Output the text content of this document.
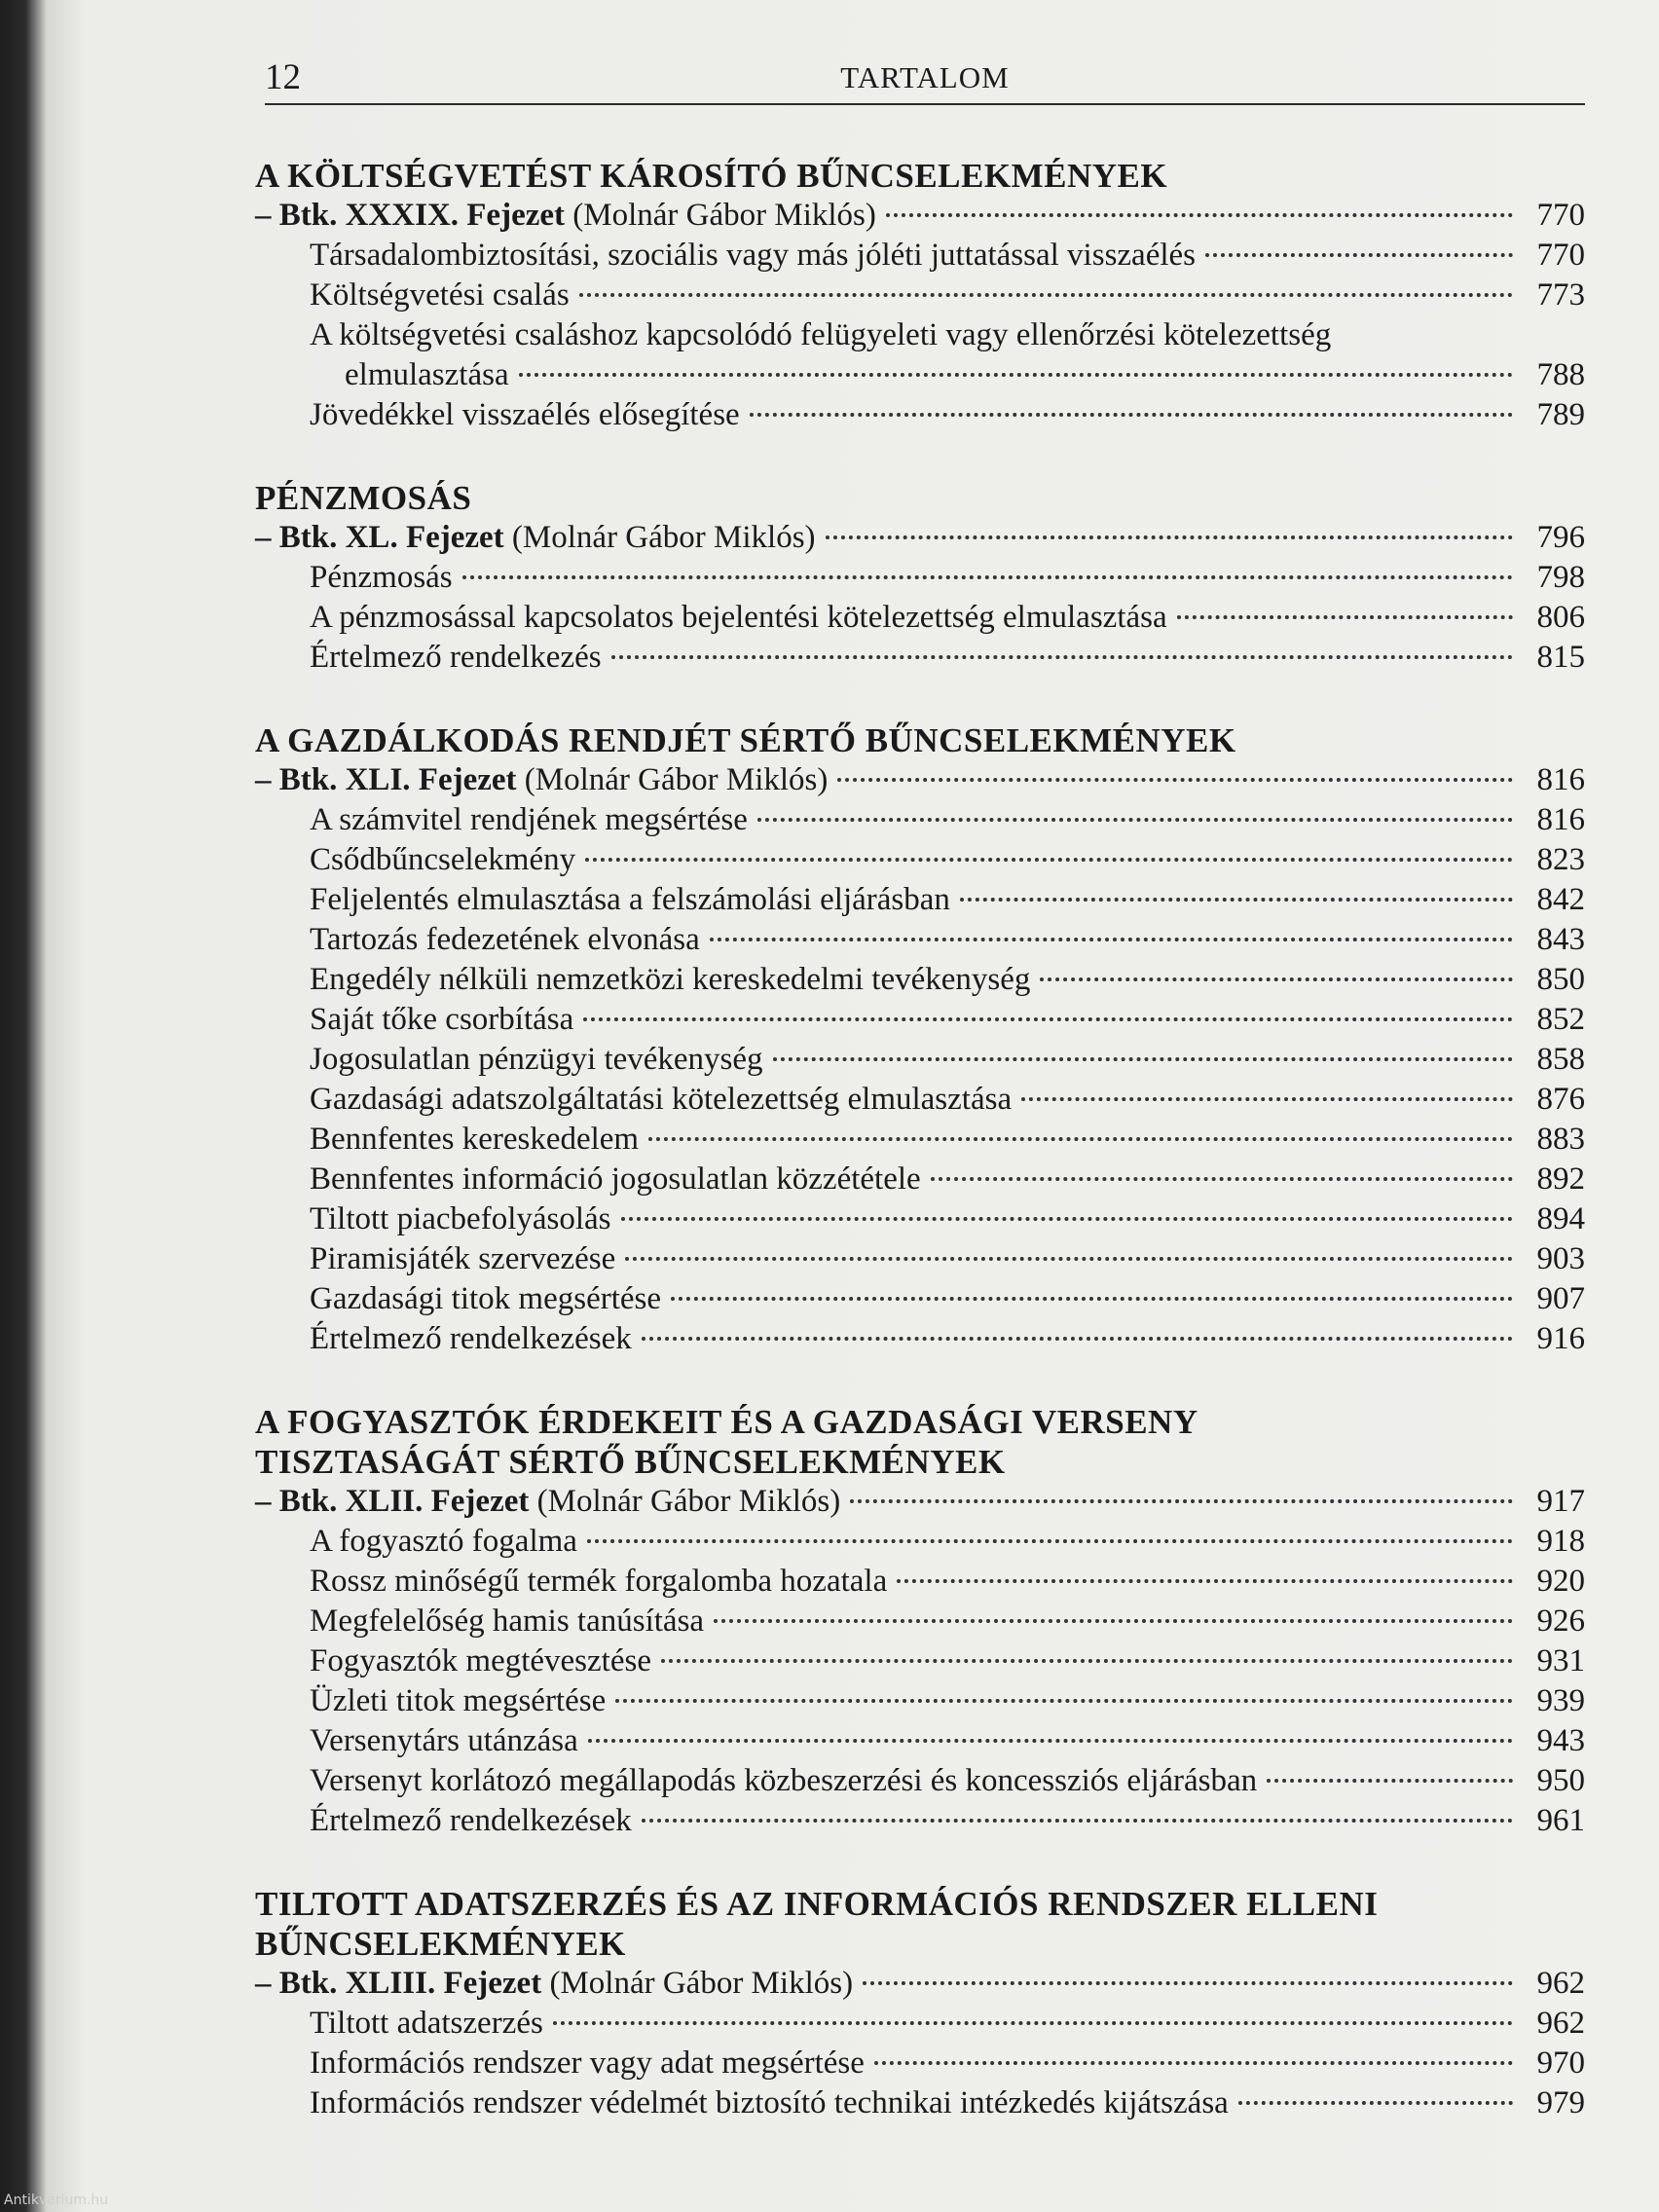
12	TARTALOM
A KÖLTSÉGVETÉST KÁROSÍTÓ BŰNCSELEKMÉNYEK
– Btk. XXXIX. Fejezet (Molnár Gábor Miklós)	770
Társadalombiztosítási, szociális vagy más jóléti juttatással visszaélés	770
Költségvetési csalás	773
A költségvetési csaláshoz kapcsolódó felügyeleti vagy ellenőrzési kötelezettség
elmulasztása	788
Jövedékkel visszaélés elősegítése	789
PÉNZMOSÁS
– Btk. XL. Fejezet (Molnár Gábor Miklós)	796
Pénzmosás	798
A pénzmosással kapcsolatos bejelentési kötelezettség elmulasztása	806
Értelmező rendelkezés	815
A GAZDÁLKODÁS RENDJÉT SÉRTŐ BŰNCSELEKMÉNYEK
– Btk. XLI. Fejezet (Molnár Gábor Miklós)	816
A számvitel rendjének megsértése	816
Csődbűncselekmény	823
Feljelentés elmulasztása a felszámolási eljárásban	842
Tartozás fedezetének elvonása	843
Engedély nélküli nemzetközi kereskedelmi tevékenység	850
Saját tőke csorbítása	852
Jogosulatlan pénzügyi tevékenység	858
Gazdasági adatszolgáltatási kötelezettség elmulasztása	876
Bennfentes kereskedelem	883
Bennfentes információ jogosulatlan közzététele	892
Tiltott piacbefolyásolás	894
Piramisjáték szervezése	903
Gazdasági titok megsértése	907
Értelmező rendelkezések	916
A FOGYASZTÓK ÉRDEKEIT ÉS A GAZDASÁGI VERSENY
TISZTASÁGÁT SÉRTŐ BŰNCSELEKMÉNYEK
– Btk. XLII. Fejezet (Molnár Gábor Miklós)	917
A fogyasztó fogalma	918
Rossz minőségű termék forgalomba hozatala	920
Megfelelőség hamis tanúsítása	926
Fogyasztók megtévesztése	931
Üzleti titok megsértése	939
Versenytárs utánzása	943
Versenyt korlátozó megállapodás közbeszerzési és koncessziós eljárásban	950
Értelmező rendelkezések	961
TILTOTT ADATSZERZÉS ÉS AZ INFORMÁCIÓS RENDSZER ELLENI
BŰNCSELEKMÉNYEK
– Btk. XLIII. Fejezet (Molnár Gábor Miklós)	962
Tiltott adatszerzés	962
Információs rendszer vagy adat megsértése	970
Információs rendszer védelmét biztosító technikai intézkedés kijátszása	979
Antikvarium.hu
